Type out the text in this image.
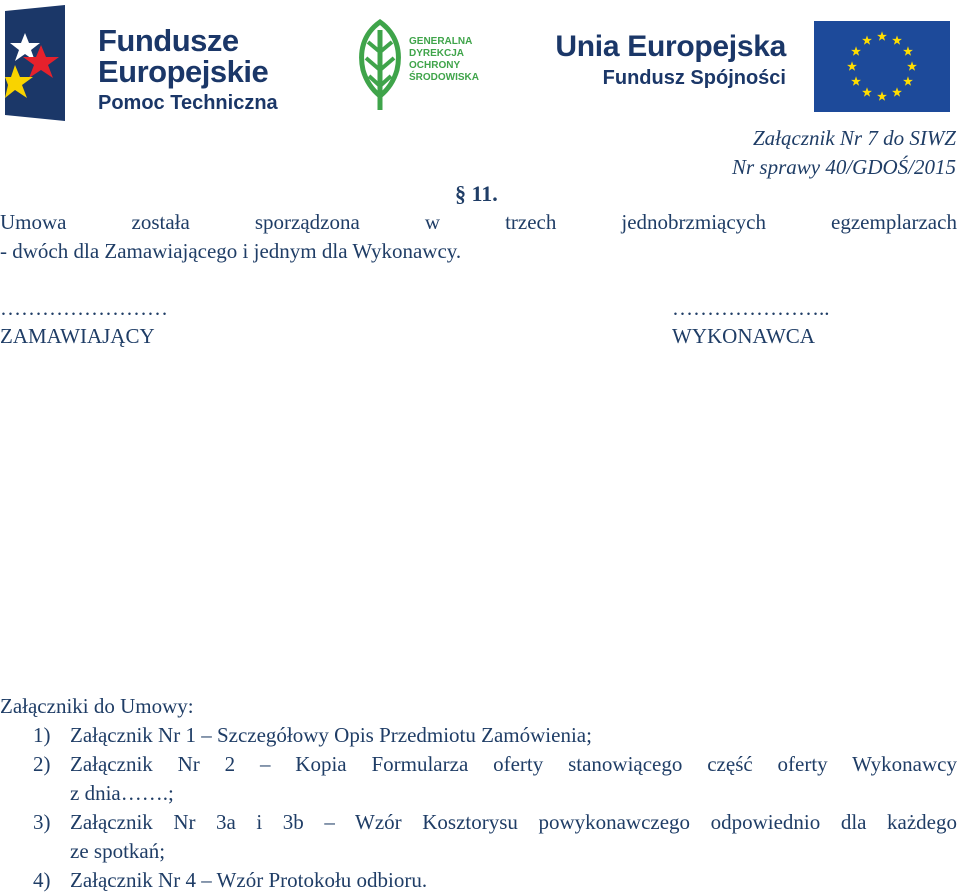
Fundusze
Europejskie
Pomoc Techniczna
GENERALNA
DYREKCJA
OCHRONY
ŚRODOWISKA
Unia Europejska
Fundusz Spójności
Załącznik Nr 7 do SIWZ
Nr sprawy 40/GDOŚ/2015
§ 11.
Umowa	została	sporządzona	w	trzech	jednobrzmiących	egzemplarzach
- dwóch dla Zamawiającego i jednym dla Wykonawcy.
……………………
ZAMAWIAJĄCY
…………………..
WYKONAWCA
Załączniki do Umowy:
1) Załącznik Nr 1 – Szczegółowy Opis Przedmiotu Zamówienia;
2) Załącznik Nr 2 – Kopia Formularza oferty stanowiącego część oferty Wykonawcy
z dnia…….;
3) Załącznik Nr 3a i 3b – Wzór Kosztorysu powykonawczego odpowiednio dla każdego
ze spotkań;
4) Załącznik Nr 4 – Wzór Protokołu odbioru.
